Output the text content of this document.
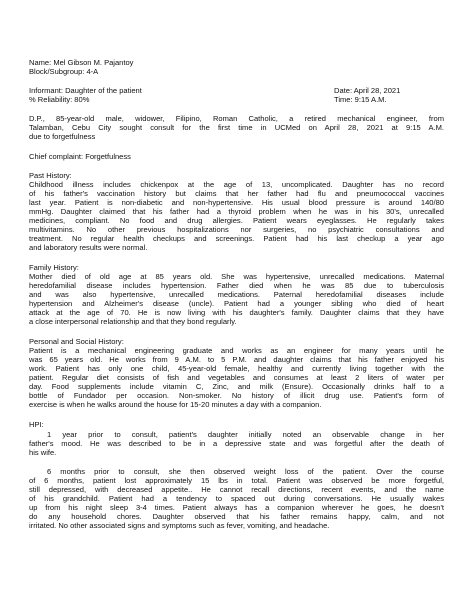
Name: Mel Gibson M. Pajantoy

Block/Subgroup: 4-A

Informant: Daughter of the patient	Date: April 28, 2021

% Reliability: 80%	Time: 9:15 A.M.

D.P., 85-year-old male, widower, Filipino, Roman Catholic, a retired mechanical engineer, from

Talamban, Cebu City sought consult for the first time in UCMed on April 28, 2021 at 9:15 A.M.

due to forgetfulness

Chief complaint: Forgetfulness

Past History:

Childhood illness includes chickenpox at the age of 13, uncomplicated. Daughter has no record

of his father's vaccination history but claims that her father had flu and pneumococcal vaccines

last year. Patient is non-diabetic and non-hypertensive. His usual blood pressure is around 140/80

mmHg. Daughter claimed that his father had a thyroid problem when he was in his 30's, unrecalled

medicines, compliant. No food and drug allergies. Patient wears eyeglasses. He regularly takes

multivitamins. No other previous hospitalizations nor surgeries, no psychiatric consultations and

treatment. No regular health checkups and screenings. Patient had his last checkup a year ago

and laboratory results were normal.

Family History:

Mother died of old age at 85 years old. She was hypertensive, unrecalled medications. Maternal

heredofamilial disease includes hypertension. Father died when he was 85 due to tuberculosis

and was also hypertensive, unrecalled medications. Paternal heredofamilial diseases include

hypertension and Alzheimer's disease (uncle). Patient had a younger sibling who died of heart

attack at the age of 70. He is now living with his daughter's family. Daughter claims that they have

a close interpersonal relationship and that they bond regularly.

Personal and Social History:

Patient is a mechanical engineering graduate and works as an engineer for many years until he

was 65 years old. He works from 9 A.M. to 5 P.M. and daughter claims that his father enjoyed his

work. Patient has only one child, 45-year-old female, healthy and currently living together with the

patient. Regular diet consists of fish and vegetables and consumes at least 2 liters of water per

day. Food supplements include vitamin C, Zinc, and milk (Ensure). Occasionally drinks half to a

bottle of Fundador per occasion. Non-smoker. No history of illicit drug use. Patient's form of

exercise is when he walks around the house for 15-20 minutes a day with a companion.

HPI:

1 year prior to consult, patient's daughter initially noted an observable change in her

father's mood. He was described to be in a depressive state and was forgetful after the death of

his wife.

6 months prior to consult, she then observed weight loss of the patient. Over the course

of 6 months, patient lost approximately 15 lbs in total. Patient was observed be more forgetful,

still depressed, with decreased appetite.. He cannot recall directions, recent events, and the name

of his grandchild. Patient had a tendency to spaced out during conversations. He usually wakes

up from his night sleep 3-4 times. Patient always has a companion wherever he goes, he doesn't

do any household chores. Daughter observed that his father remains happy, calm, and not

irritated. No other associated signs and symptoms such as fever, vomiting, and headache.
